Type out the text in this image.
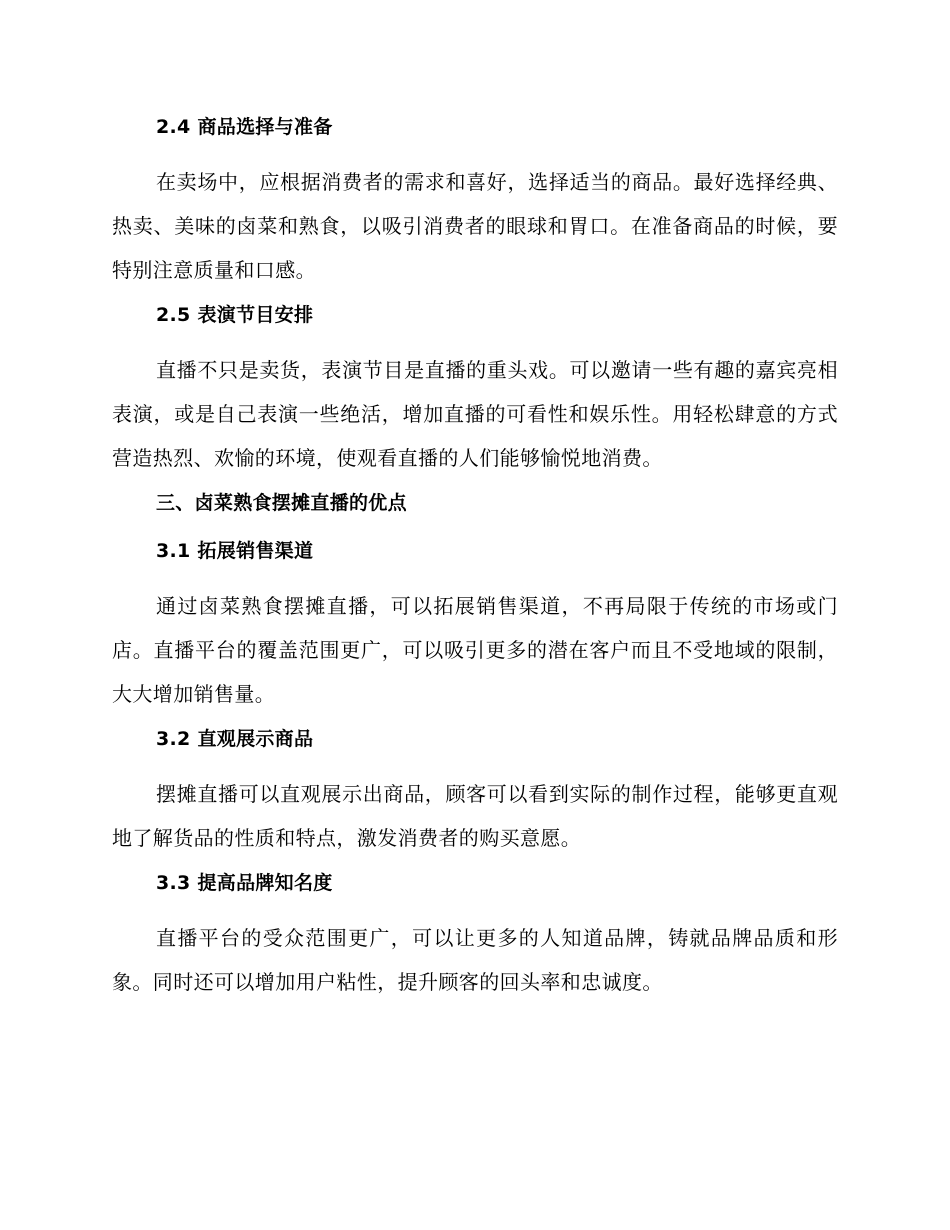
2.4 商品选择与准备

在卖场中，应根据消费者的需求和喜好，选择适当的商品。最好选择经典、热卖、美味的卤菜和熟食，以吸引消费者的眼球和胃口。在准备商品的时候，要特别注意质量和口感。

2.5 表演节目安排

直播不只是卖货，表演节目是直播的重头戏。可以邀请一些有趣的嘉宾亮相表演，或是自己表演一些绝活，增加直播的可看性和娱乐性。用轻松肆意的方式营造热烈、欢愉的环境，使观看直播的人们能够愉悦地消费。

三、卤菜熟食摆摊直播的优点
3.1 拓展销售渠道

通过卤菜熟食摆摊直播，可以拓展销售渠道，不再局限于传统的市场或门店。直播平台的覆盖范围更广，可以吸引更多的潜在客户而且不受地域的限制，大大增加销售量。

3.2 直观展示商品

摆摊直播可以直观展示出商品，顾客可以看到实际的制作过程，能够更直观地了解货品的性质和特点，激发消费者的购买意愿。

3.3 提高品牌知名度

直播平台的受众范围更广，可以让更多的人知道品牌，铸就品牌品质和形象。同时还可以增加用户粘性，提升顾客的回头率和忠诚度。
